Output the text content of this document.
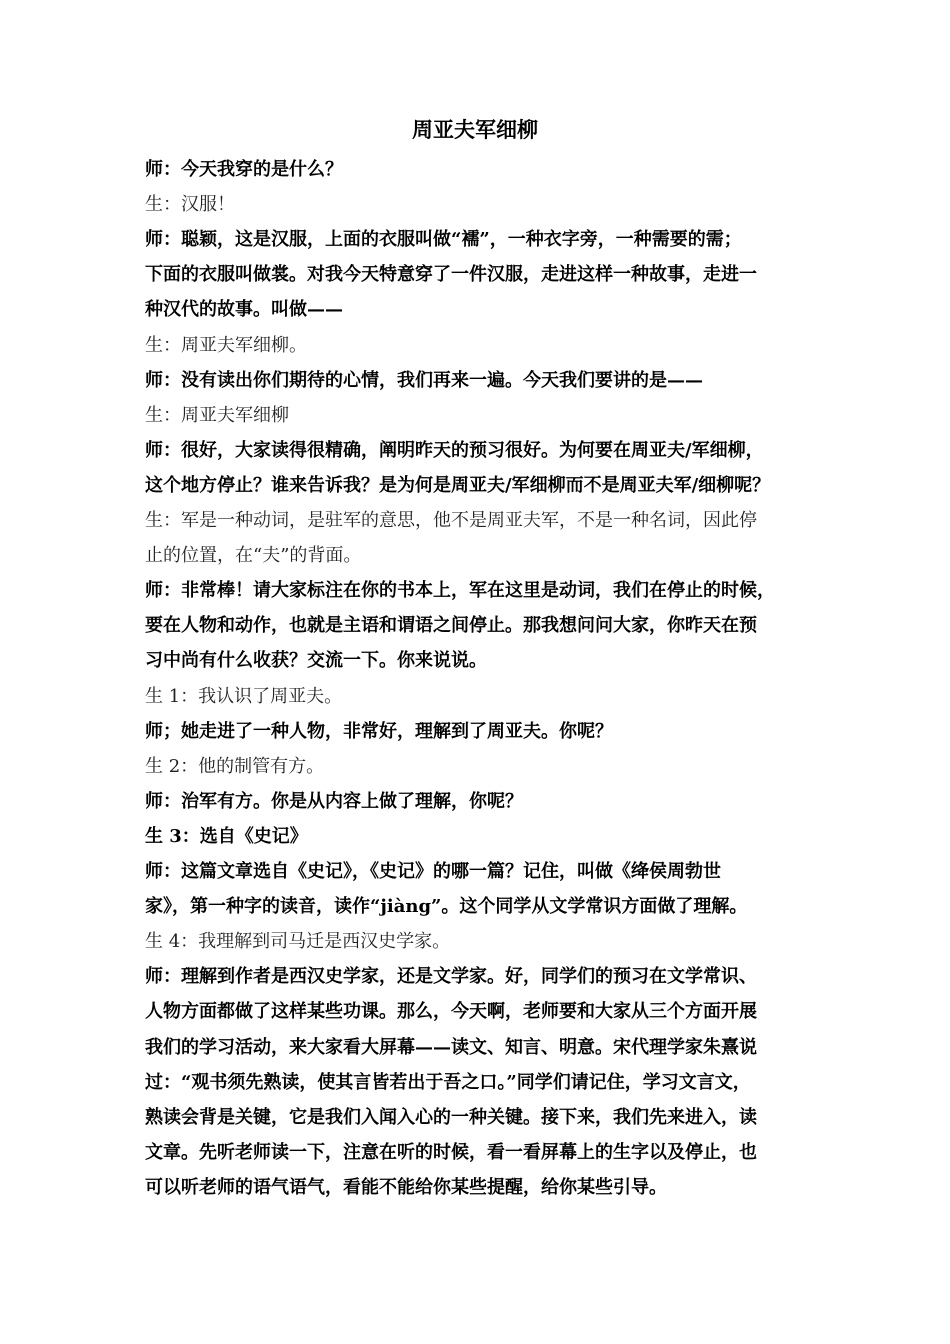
周亚夫军细柳

师：今天我穿的是什么？

生：汉服！

师：聪颖，这是汉服，上面的衣服叫做“襦”，一种衣字旁，一种需要的需；

下面的衣服叫做裳。对我今天特意穿了一件汉服，走进这样一种故事，走进一

种汉代的故事。叫做——

生：周亚夫军细柳。

师：没有读出你们期待的心情，我们再来一遍。今天我们要讲的是——

生：周亚夫军细柳

师：很好，大家读得很精确，阐明昨天的预习很好。为何要在周亚夫/军细柳，

这个地方停止？谁来告诉我？是为何是周亚夫/军细柳而不是周亚夫军/细柳呢？

生：军是一种动词，是驻军的意思，他不是周亚夫军，不是一种名词，因此停

止的位置，在“夫”的背面。

师：非常棒！请大家标注在你的书本上，军在这里是动词，我们在停止的时候，

要在人物和动作，也就是主语和谓语之间停止。那我想问问大家，你昨天在预

习中尚有什么收获？交流一下。你来说说。

生 1：我认识了周亚夫。

师；她走进了一种人物，非常好，理解到了周亚夫。你呢？

生 2：他的制管有方。

师：治军有方。你是从内容上做了理解，你呢？

生 3：选自《史记》

师：这篇文章选自《史记》，《史记》的哪一篇？记住，叫做《绛侯周勃世

家》，第一种字的读音，读作“jiàng”。这个同学从文学常识方面做了理解。

生 4：我理解到司马迁是西汉史学家。

师：理解到作者是西汉史学家，还是文学家。好，同学们的预习在文学常识、

人物方面都做了这样某些功课。那么，今天啊，老师要和大家从三个方面开展

我们的学习活动，来大家看大屏幕——读文、知言、明意。宋代理学家朱熹说

过：“观书须先熟读，使其言皆若出于吾之口。”同学们请记住，学习文言文，

熟读会背是关键，它是我们入闻入心的一种关键。接下来，我们先来进入，读

文章。先听老师读一下，注意在听的时候，看一看屏幕上的生字以及停止，也

可以听老师的语气语气，看能不能给你某些提醒，给你某些引导。
